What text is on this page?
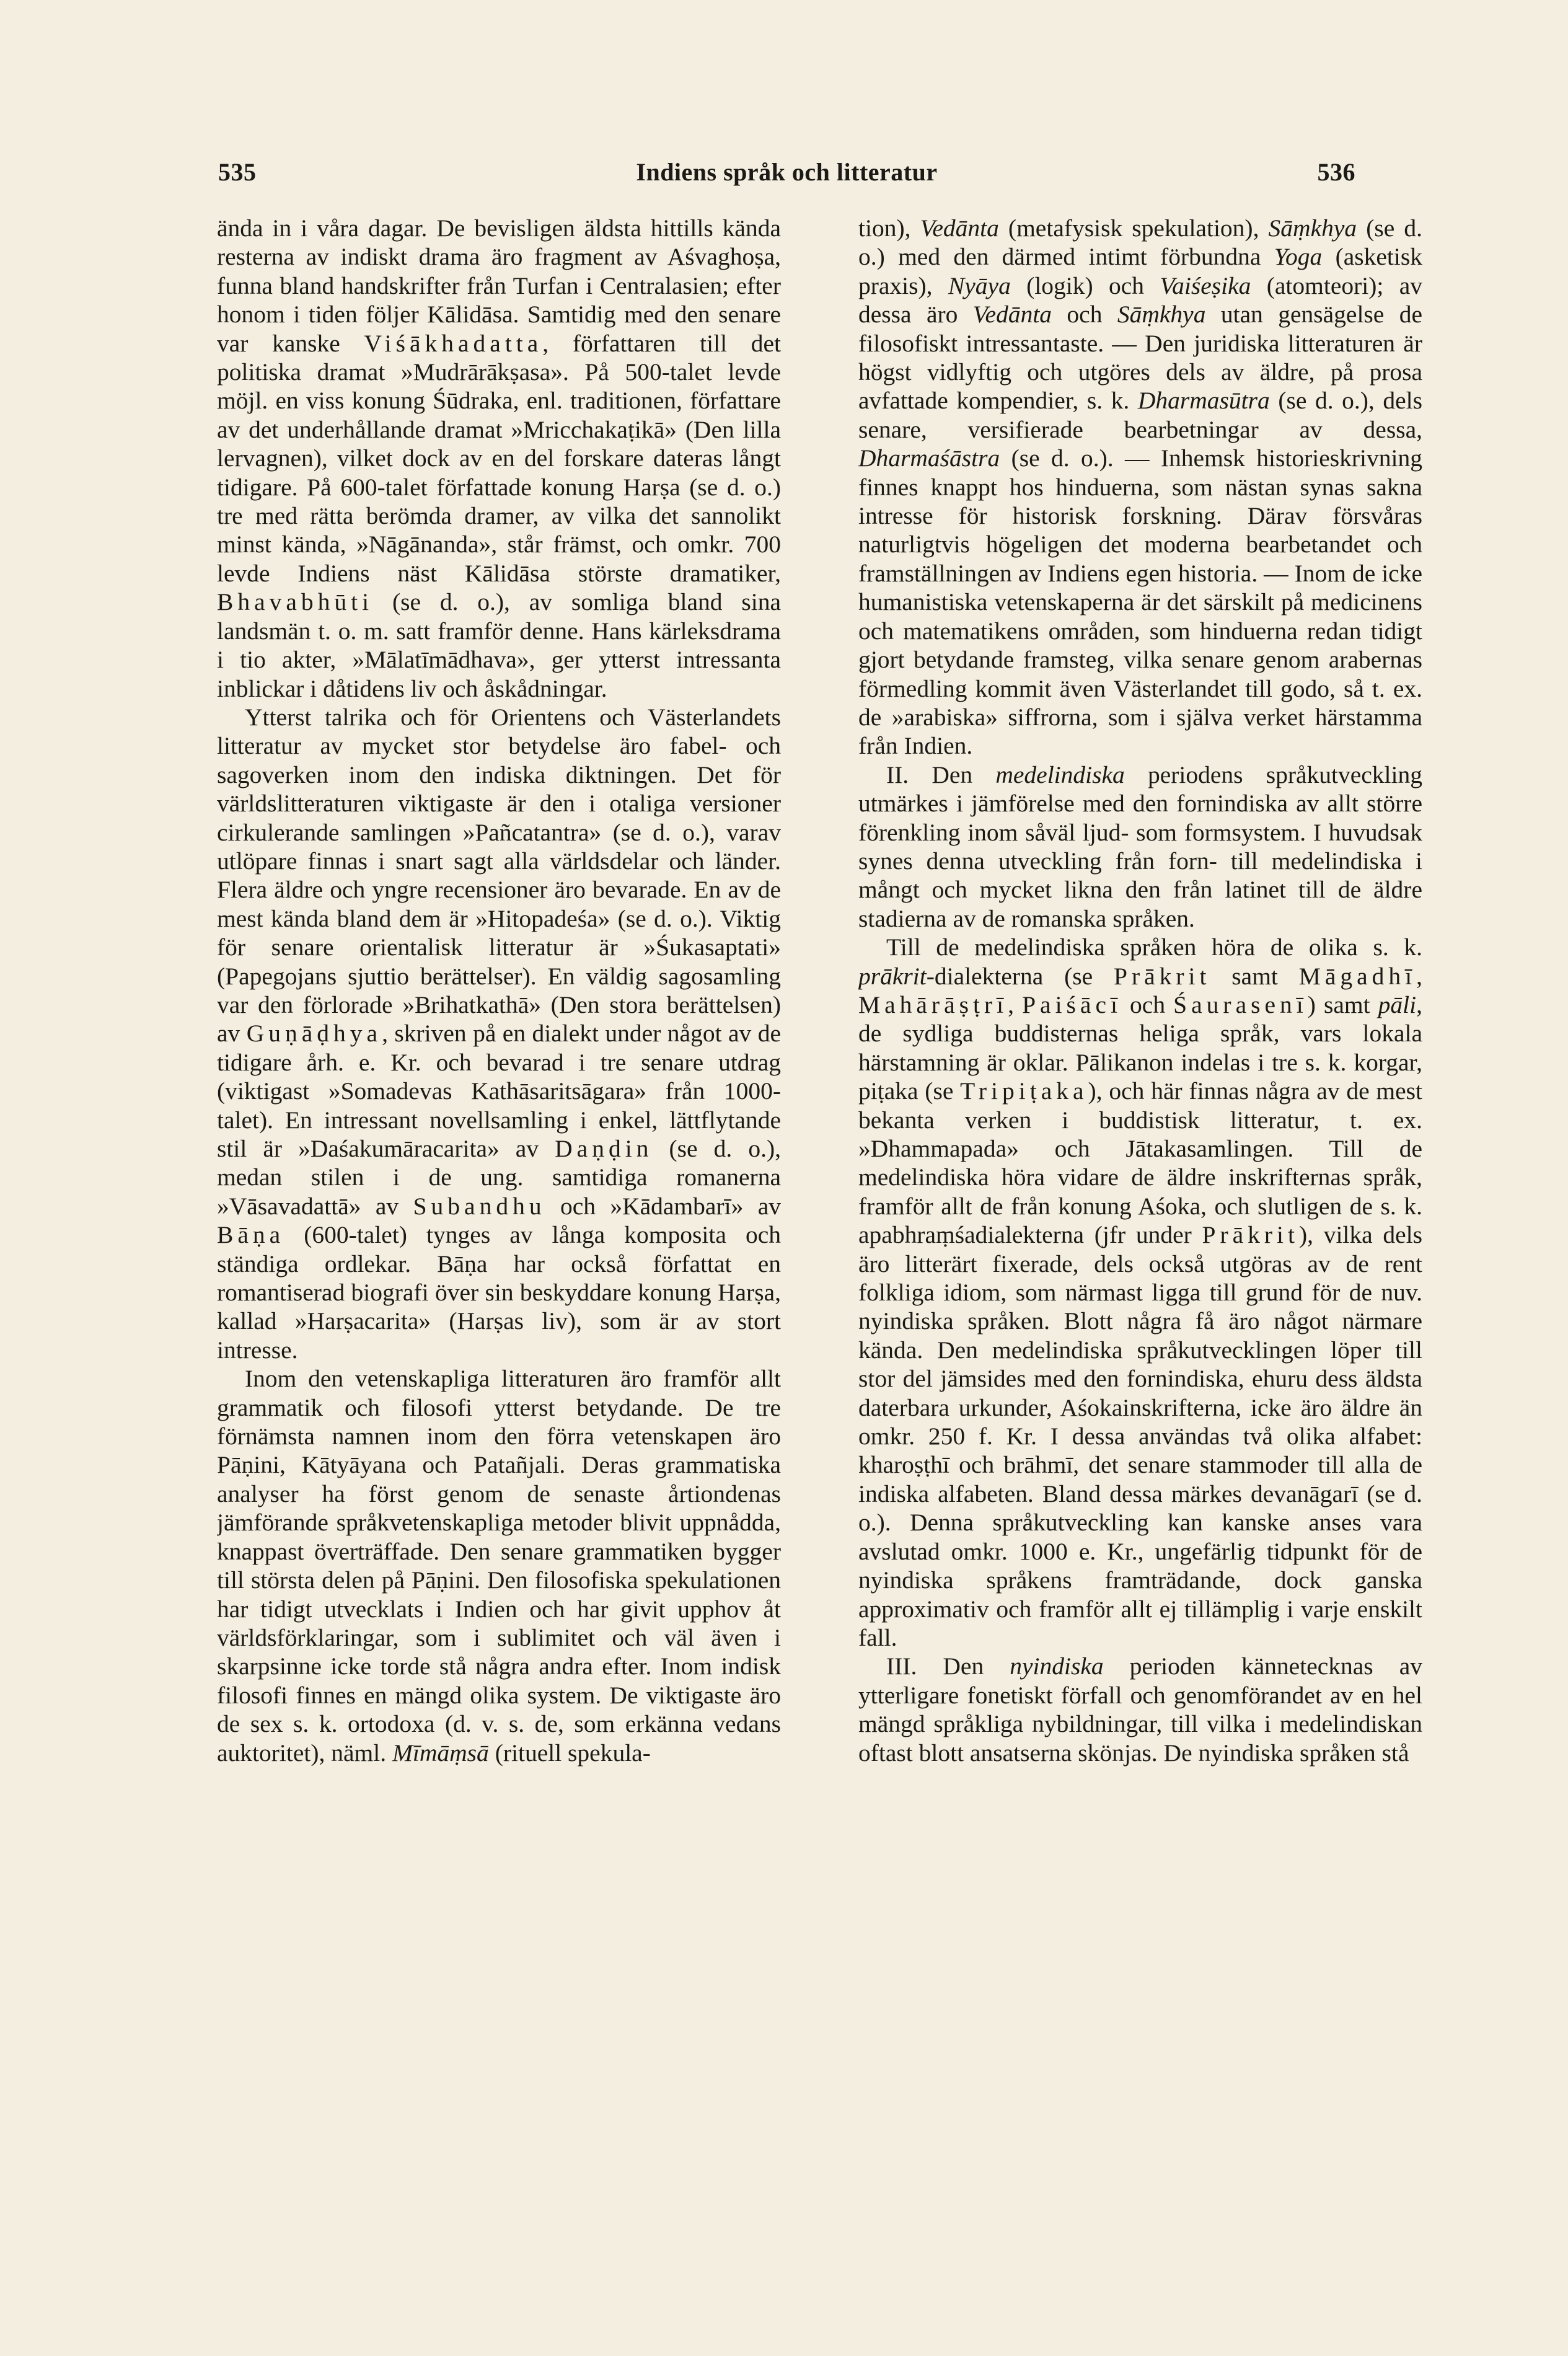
535	Indiens språk och litteratur	536

ända in i våra dagar. De bevisligen äldsta hittills kända resterna av indiskt drama äro fragment av Aśvaghoṣa, funna bland handskrifter från Turfan i Centralasien; efter honom i tiden följer Kālidāsa. Samtidig med den senare var kanske Viśākhadatta, författaren till det politiska dramat »Mudrārākṣasa». På 500-talet levde möjl. en viss konung Śūdraka, enl. traditionen, författare av det underhållande dramat »Mricchakaṭikā» (Den lilla lervagnen), vilket dock av en del forskare dateras långt tidigare. På 600-talet författade konung Harṣa (se d. o.) tre med rätta berömda dramer, av vilka det sannolikt minst kända, »Nāgānanda», står främst, och omkr. 700 levde Indiens näst Kālidāsa störste dramatiker, Bhavabhūti (se d. o.), av somliga bland sina landsmän t. o. m. satt framför denne. Hans kärleksdrama i tio akter, »Mālatīmādhava», ger ytterst intressanta inblickar i dåtidens liv och åskådningar.

Ytterst talrika och för Orientens och Västerlandets litteratur av mycket stor betydelse äro fabel- och sagoverken inom den indiska diktningen. Det för världslitteraturen viktigaste är den i otaliga versioner cirkulerande samlingen »Pañcatantra» (se d. o.), varav utlöpare finnas i snart sagt alla världsdelar och länder. Flera äldre och yngre recensioner äro bevarade. En av de mest kända bland dem är »Hitopadeśa» (se d. o.). Viktig för senare orientalisk litteratur är »Śukasaptati» (Papegojans sjuttio berättelser). En väldig sagosamling var den förlorade »Brihatkathā» (Den stora berättelsen) av Guṇāḍhya, skriven på en dialekt under något av de tidigare årh. e. Kr. och bevarad i tre senare utdrag (viktigast »Somadevas Kathāsaritsāgara» från 1000-talet). En intressant novellsamling i enkel, lättflytande stil är »Daśakumāracarita» av Daṇḍin (se d. o.), medan stilen i de ung. samtidiga romanerna »Vāsavadattā» av Subandhu och »Kādambarī» av Bāṇa (600-talet) tynges av långa komposita och ständiga ordlekar. Bāṇa har också författat en romantiserad biografi över sin beskyddare konung Harṣa, kallad »Harṣacarita» (Harṣas liv), som är av stort intresse.

Inom den vetenskapliga litteraturen äro framför allt grammatik och filosofi ytterst betydande. De tre förnämsta namnen inom den förra vetenskapen äro Pāṇini, Kātyāyana och Patañjali. Deras grammatiska analyser ha först genom de senaste årtiondenas jämförande språkvetenskapliga metoder blivit uppnådda, knappast överträffade. Den senare grammatiken bygger till största delen på Pāṇini. Den filosofiska spekulationen har tidigt utvecklats i Indien och har givit upphov åt världsförklaringar, som i sublimitet och väl även i skarpsinne icke torde stå några andra efter. Inom indisk filosofi finnes en mängd olika system. De viktigaste äro de sex s. k. ortodoxa (d. v. s. de, som erkänna vedans auktoritet), näml. Mīmāṃsā (rituell spekula-

tion), Vedānta (metafysisk spekulation), Sāṃkhya (se d. o.) med den därmed intimt förbundna Yoga (asketisk praxis), Nyāya (logik) och Vaiśeṣika (atomteori); av dessa äro Vedānta och Sāṃkhya utan gensägelse de filosofiskt intressantaste. — Den juridiska litteraturen är högst vidlyftig och utgöres dels av äldre, på prosa avfattade kompendier, s. k. Dharmasūtra (se d. o.), dels senare, versifierade bearbetningar av dessa, Dharmaśāstra (se d. o.). — Inhemsk historieskrivning finnes knappt hos hinduerna, som nästan synas sakna intresse för historisk forskning. Därav försvåras naturligtvis högeligen det moderna bearbetandet och framställningen av Indiens egen historia. — Inom de icke humanistiska vetenskaperna är det särskilt på medicinens och matematikens områden, som hinduerna redan tidigt gjort betydande framsteg, vilka senare genom arabernas förmedling kommit även Västerlandet till godo, så t. ex. de »arabiska» siffrorna, som i själva verket härstamma från Indien.

II. Den medelindiska periodens språkutveckling utmärkes i jämförelse med den fornindiska av allt större förenkling inom såväl ljud- som formsystem. I huvudsak synes denna utveckling från forn- till medelindiska i mångt och mycket likna den från latinet till de äldre stadierna av de romanska språken.

Till de medelindiska språken höra de olika s. k. prākrit-dialekterna (se Prākrit samt Māgadhī, Mahārāṣṭrī, Paiśācī och Śaurasenī) samt pāli, de sydliga buddisternas heliga språk, vars lokala härstamning är oklar. Pālikanon indelas i tre s. k. korgar, piṭaka (se Tripiṭaka), och här finnas några av de mest bekanta verken i buddistisk litteratur, t. ex. »Dhammapada» och Jātakasamlingen. Till de medelindiska höra vidare de äldre inskrifternas språk, framför allt de från konung Aśoka, och slutligen de s. k. apabhraṃśadialekterna (jfr under Prākrit), vilka dels äro litterärt fixerade, dels också utgöras av de rent folkliga idiom, som närmast ligga till grund för de nuv. nyindiska språken. Blott några få äro något närmare kända. Den medelindiska språkutvecklingen löper till stor del jämsides med den fornindiska, ehuru dess äldsta daterbara urkunder, Aśokainskrifterna, icke äro äldre än omkr. 250 f. Kr. I dessa användas två olika alfabet: kharoṣṭhī och brāhmī, det senare stammoder till alla de indiska alfabeten. Bland dessa märkes devanāgarī (se d. o.). Denna språkutveckling kan kanske anses vara avslutad omkr. 1000 e. Kr., ungefärlig tidpunkt för de nyindiska språkens framträdande, dock ganska approximativ och framför allt ej tillämplig i varje enskilt fall.

III. Den nyindiska perioden kännetecknas av ytterligare fonetiskt förfall och genomförandet av en hel mängd språkliga nybildningar, till vilka i medelindiskan oftast blott ansatserna skönjas. De nyindiska språken stå
